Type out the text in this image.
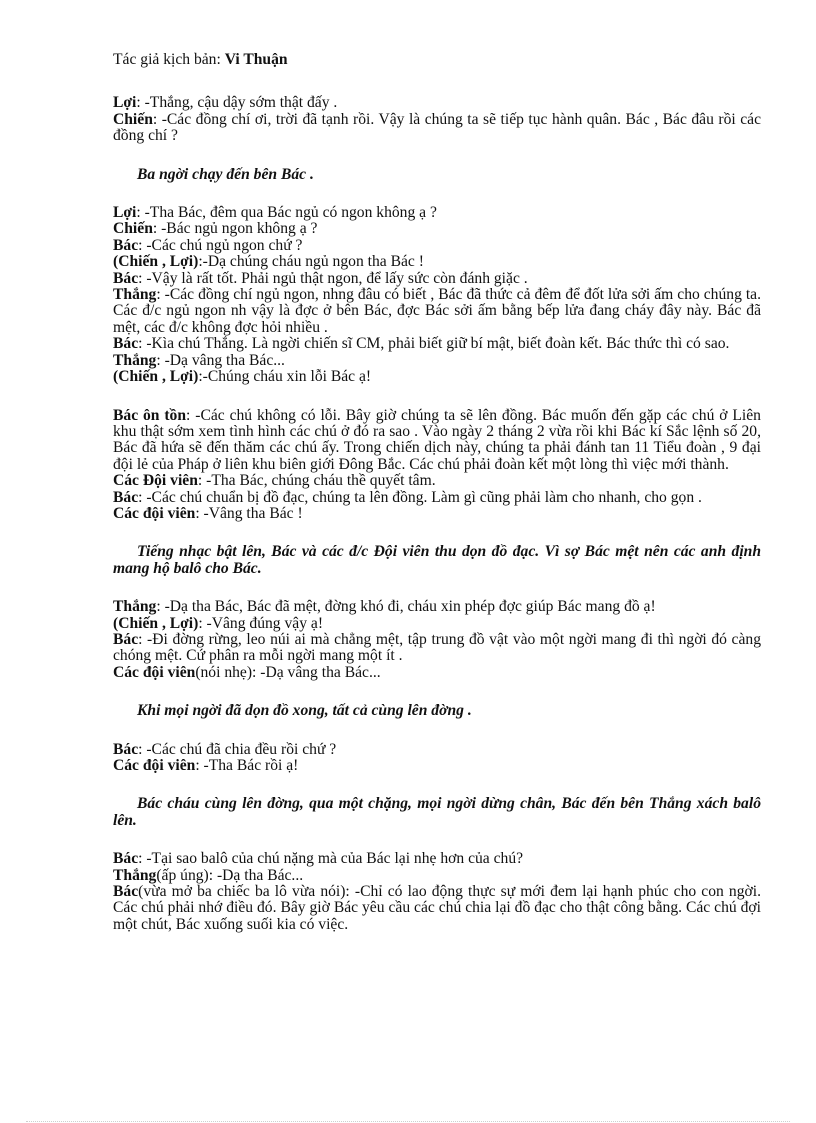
Tác giả kịch bản: Vi Thuận

Lợi: -Thắng, cậu dậy sớm thật đấy .

Chiến: -Các đồng chí ơi, trời đã tạnh rồi. Vậy là chúng ta sẽ tiếp tục hành quân. Bác , Bác đâu rồi các đồng chí ?

Ba ngời chạy đến bên Bác .

Lợi: -Tha Bác, đêm qua Bác ngủ có ngon không ạ ?

Chiến: -Bác ngủ ngon không ạ ?

Bác: -Các chú ngủ ngon chứ ?

(Chiến , Lợi):-Dạ chúng cháu ngủ ngon tha Bác !

Bác: -Vậy là rất tốt. Phải ngủ thật ngon, để lấy sức còn đánh giặc .

Thắng: -Các đồng chí ngủ ngon, nhng đâu có biết , Bác đã thức cả đêm để đốt lửa sởi ấm cho chúng ta. Các đ/c ngủ ngon nh vậy là đợc ở bên Bác, đợc Bác sởi ấm bằng bếp lửa đang cháy đây này. Bác đã mệt, các đ/c không đợc hỏi nhiều .

Bác: -Kìa chú Thắng. Là ngời chiến sĩ CM, phải biết giữ bí mật, biết đoàn kết. Bác thức thì có sao.

Thắng: -Dạ vâng tha Bác...

(Chiến , Lợi):-Chúng cháu xin lỗi Bác ạ!

Bác ôn tồn: -Các chú không có lỗi. Bây giờ chúng ta sẽ lên đồng. Bác muốn đến gặp các chú ở Liên khu thật sớm xem tình hình các chú ở đó ra sao . Vào ngày 2 tháng 2 vừa rồi khi Bác kí Sắc lệnh số 20, Bác đã hứa sẽ đến thăm các chú ấy. Trong chiến dịch này, chúng ta phải đánh tan 11 Tiểu đoàn , 9 đại đội lẻ của Pháp ở liên khu biên giới Đông Bắc. Các chú phải đoàn kết một lòng thì việc mới thành.

Các Đội viên: -Tha Bác, chúng cháu thề quyết tâm.

Bác: -Các chú chuẩn bị đồ đạc, chúng ta lên đồng. Làm gì cũng phải làm cho nhanh, cho gọn .

Các đội viên: -Vâng tha Bác !

Tiếng nhạc bật lên, Bác và các đ/c Đội viên thu dọn đồ đạc. Vì sợ Bác mệt nên các anh định mang hộ balô cho Bác.

Thắng: -Dạ tha Bác, Bác đã mệt, đờng khó đi, cháu xin phép đợc giúp Bác mang đồ ạ!

(Chiến , Lợi): -Vâng đúng vậy ạ!

Bác: -Đi đờng rừng, leo núi ai mà chẳng mệt, tập trung đồ vật vào một ngời mang đi thì ngời đó càng chóng mệt. Cứ phân ra mỗi ngời mang một ít .

Các đội viên(nói nhẹ): -Dạ vâng tha Bác...

Khi mọi ngời đã dọn đồ xong, tất cả cùng lên đờng .

Bác: -Các chú đã chia đều rồi chứ ?

Các đội viên: -Tha Bác rồi ạ!

Bác cháu cùng lên đờng, qua một chặng, mọi ngời dừng chân, Bác đến bên Thắng xách balô lên.

Bác: -Tại sao balô của chú nặng mà của Bác lại nhẹ hơn của chú?

Thắng(ấp úng): -Dạ tha Bác...

Bác(vừa mở ba chiếc ba lô vừa nói): -Chỉ có lao động thực sự mới đem lại hạnh phúc cho con ngời. Các chú phải nhớ điều đó. Bây giờ Bác yêu cầu các chú chia lại đồ đạc cho thật công bằng. Các chú đợi một chút, Bác xuống suối kia có việc.
